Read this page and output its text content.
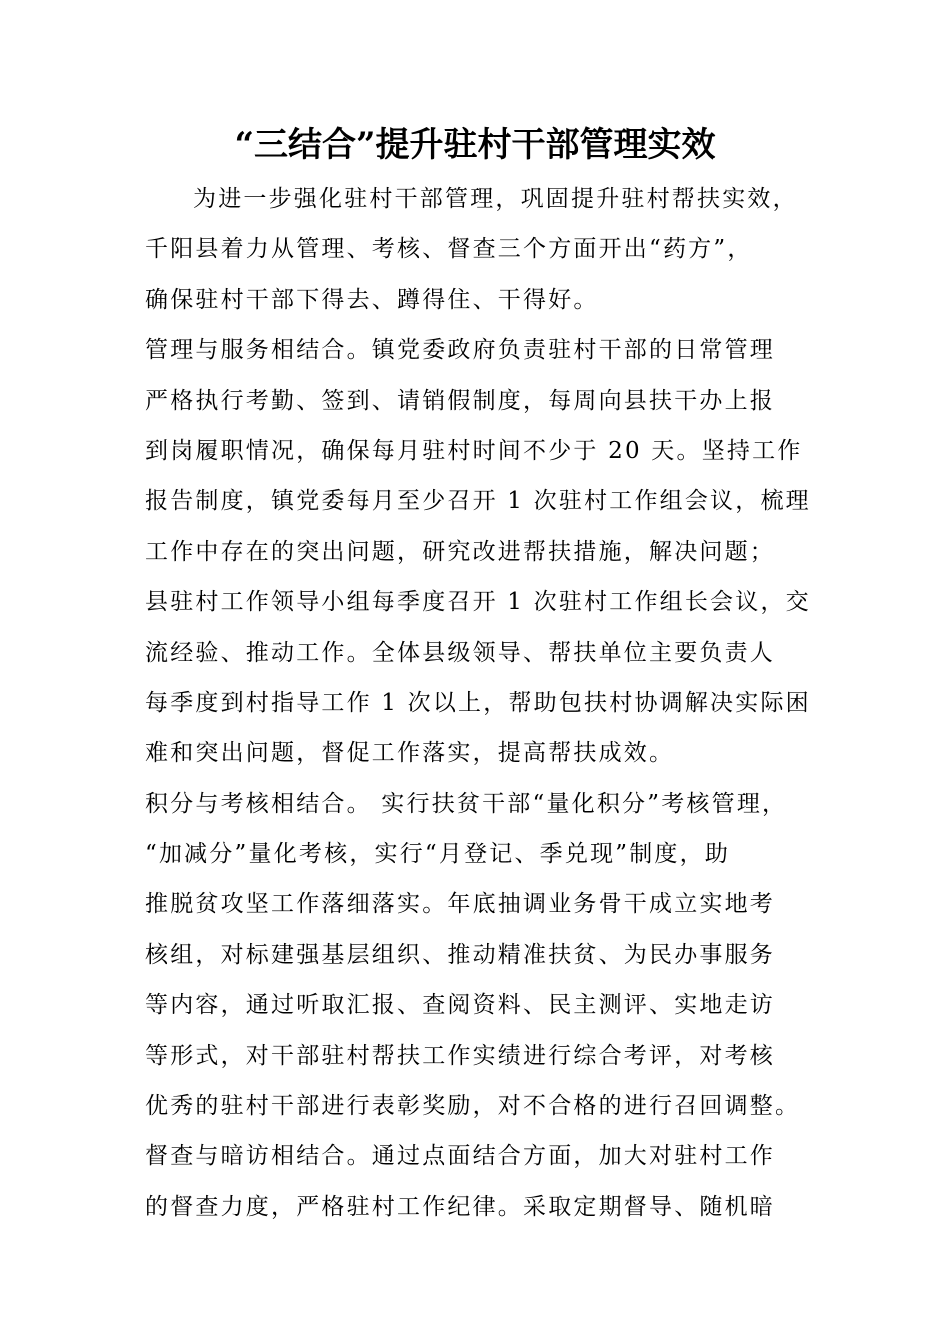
“三结合”提升驻村干部管理实效
为进一步强化驻村干部管理，巩固提升驻村帮扶实效，
千阳县着力从管理、考核、督查三个方面开出“药方”，
确保驻村干部下得去、蹲得住、干得好。
管理与服务相结合。镇党委政府负责驻村干部的日常管理
严格执行考勤、签到、请销假制度，每周向县扶干办上报
到岗履职情况，确保每月驻村时间不少于 20 天。坚持工作
报告制度，镇党委每月至少召开 1 次驻村工作组会议，梳理
工作中存在的突出问题，研究改进帮扶措施，解决问题；
县驻村工作领导小组每季度召开 1 次驻村工作组长会议，交
流经验、推动工作。全体县级领导、帮扶单位主要负责人
每季度到村指导工作 1 次以上，帮助包扶村协调解决实际困
难和突出问题，督促工作落实，提高帮扶成效。
积分与考核相结合。 实行扶贫干部“量化积分”考核管理，
“加减分”量化考核，实行“月登记、季兑现”制度，助
推脱贫攻坚工作落细落实。年底抽调业务骨干成立实地考
核组，对标建强基层组织、推动精准扶贫、为民办事服务
等内容，通过听取汇报、查阅资料、民主测评、实地走访
等形式，对干部驻村帮扶工作实绩进行综合考评，对考核
优秀的驻村干部进行表彰奖励，对不合格的进行召回调整。
督查与暗访相结合。通过点面结合方面，加大对驻村工作
的督查力度，严格驻村工作纪律。采取定期督导、随机暗
